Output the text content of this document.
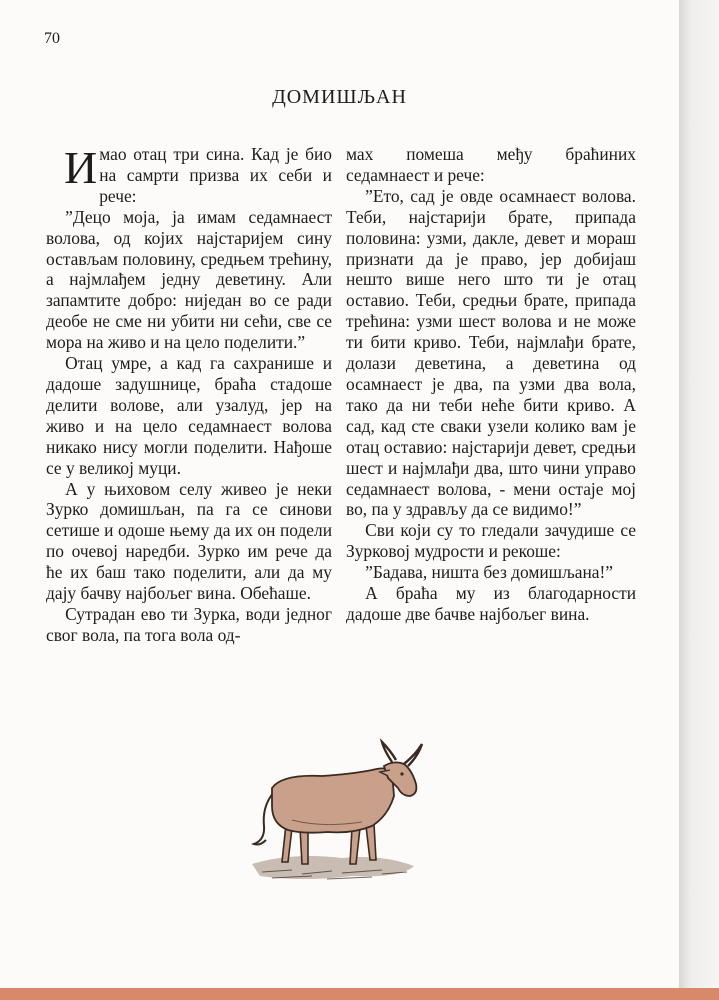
70
ДОМИШЉАН

Имао отац три сина. Кад је био на самрти призва их себи и рече:

”Децо моја, ја имам седамнаест волова, од којих најстаријем сину остављам половину, средњем трећину, а најмлађем једну деветину. Али запамтите добро: ниједан во се ради деобе не сме ни убити ни сећи, све се мора на живо и на цело поделити.”

Отац умре, а кад га сахранише и дадоше задушнице, браћа стадоше делити волове, али узалуд, јер на живо и на цело седамнаест волова никако нису могли поделити. Нађоше се у великој муци.

А у њиховом селу живео је неки Зурко домишљан, па га се синови сетише и одоше њему да их он подели по очевој наредби. Зурко им рече да ће их баш тако поделити, али да му дају бачву најбољег вина. Обећаше.

Сутрадан ево ти Зурка, води једног свог вола, па тога вола од-

мах помеша међу браћиних седамнаест и рече:

”Ето, сад је овде осамнаест волова. Теби, најстарији брате, припада половина: узми, дакле, девет и мораш признати да је право, јер добијаш нешто више него што ти је отац оставио. Теби, средњи брате, припада трећина: узми шест волова и не може ти бити криво. Теби, најмлађи брате, долази деветина, а деветина од осамнаест је два, па узми два вола, тако да ни теби неће бити криво. А сад, кад сте сваки узели колико вам је отац оставио: најстарији девет, средњи шест и најмлађи два, што чини управо седамнаест волова, - мени остаје мој во, па у здрављу да се видимо!”

Сви који су то гледали зачудише се Зурковој мудрости и рекоше:

”Бадава, ништа без домишљана!”

А браћа му из благодарности дадоше две бачве најбољег вина.
